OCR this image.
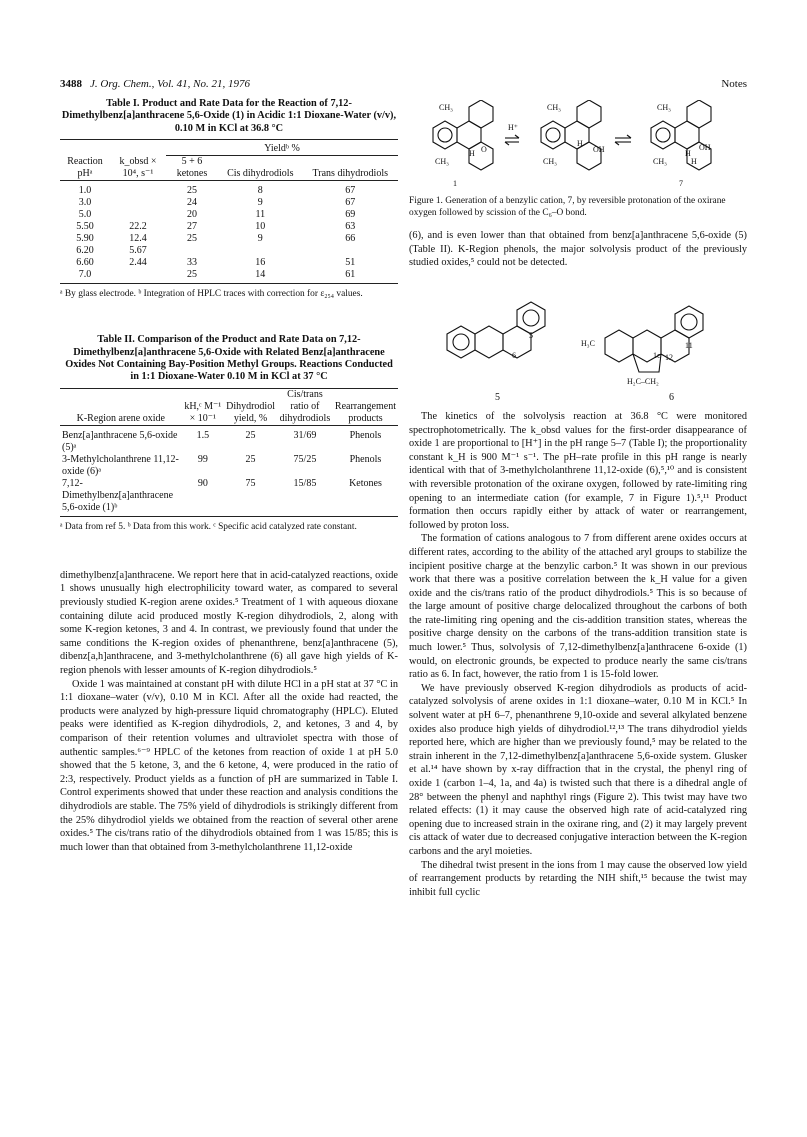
3488 J. Org. Chem., Vol. 41, No. 21, 1976	Notes
Table I. Product and Rate Data for the Reaction of 7,12-Dimethylbenz[a]anthracene 5,6-Oxide (1) in Acidic 1:1 Dioxane-Water (v/v), 0.10 M in KCl at 36.8 °C
		Yieldᵇ %		
Reaction pHᵃ	k_obsd × 10⁴, s⁻¹	5 + 6 ketones	Cis dihydrodiols	Trans dihydrodiols
1.0		25	8	67
3.0		24	9	67
5.0		20	11	69
5.50	22.2	27	10	63
5.90	12.4	25	9	66
6.20	5.67			
6.60	2.44	33	16	51
7.0		25	14	61
ᵃ By glass electrode. ᵇ Integration of HPLC traces with correction for ε₂₅₄ values.
Table II. Comparison of the Product and Rate Data on 7,12-Dimethylbenz[a]anthracene 5,6-Oxide with Related Benz[a]anthracene Oxides Not Containing Bay-Position Methyl Groups. Reactions Conducted in 1:1 Dioxane-Water 0.10 M in KCl at 37 °C
K-Region arene oxide	kH,ᶜ M⁻¹ × 10⁻¹	Dihydrodiol yield, %	Cis/trans ratio of dihydrodiols	Rearrangement products
Benz[a]anthracene 5,6-oxide (5)ᵃ	1.5	25	31/69	Phenols
3-Methylcholanthrene 11,12-oxide (6)ᵃ	99	25	75/25	Phenols
7,12-Dimethylbenz[a]anthracene 5,6-oxide (1)ᵇ	90	75	15/85	Ketones
ᵃ Data from ref 5. ᵇ Data from this work. ᶜ Specific acid catalyzed rate constant.

dimethylbenz[a]anthracene. We report here that in acid-catalyzed reactions, oxide 1 shows unusually high electrophilicity toward water, as compared to several previously studied K-region arene oxides.⁵ Treatment of 1 with aqueous dioxane containing dilute acid produced mostly K-region dihydrodiols, 2, along with some K-region ketones, 3 and 4. In contrast, we previously found that under the same conditions the K-region oxides of phenanthrene, benz[a]anthracene (5), dibenz[a,h]anthracene, and 3-methylcholanthrene (6) all gave high yields of K-region phenols with lesser amounts of K-region dihydrodiols.⁵

Oxide 1 was maintained at constant pH with dilute HCl in a pH stat at 37 °C in 1:1 dioxane–water (v/v), 0.10 M in KCl. After all the oxide had reacted, the products were analyzed by high-pressure liquid chromatography (HPLC). Eluted peaks were identified as K-region dihydrodiols, 2, and ketones, 3 and 4, by comparison of their retention volumes and ultraviolet spectra with those of authentic samples.⁶⁻⁹ HPLC of the ketones from reaction of oxide 1 at pH 5.0 showed that the 5 ketone, 3, and the 6 ketone, 4, were produced in the ratio of 2:3, respectively. Product yields as a function of pH are summarized in Table I. Control experiments showed that under these reaction and analysis conditions the dihydrodiols are stable. The 75% yield of dihydrodiols is strikingly different from the 25% dihydrodiol yields we obtained from the reaction of several other arene oxides.⁵ The cis/trans ratio of the dihydrodiols obtained from 1 was 15/85; this is much lower than that obtained from 3-methylcholanthrene 11,12-oxide

H⁺
CH₃
CH₃
H O
CH₃
CH₃
H
OH
CH₃
CH₃
H
OH
H
1	7
Figure 1. Generation of a benzylic cation, 7, by reversible protonation of the oxirane oxygen followed by scission of the C₆–O bond.

(6), and is even lower than that obtained from benz[a]anthracene 5,6-oxide (5) (Table II). K-Region phenols, the major solvolysis product of the previously studied oxides,⁵ could not be detected.

6
5
H₃C
H₂C–CH₂
12
11
1c
5	6

The kinetics of the solvolysis reaction at 36.8 °C were monitored spectrophotometrically. The k_obsd values for the first-order disappearance of oxide 1 are proportional to [H⁺] in the pH range 5–7 (Table I); the proportionality constant k_H is 900 M⁻¹ s⁻¹. The pH–rate profile in this pH range is nearly identical with that of 3-methylcholanthrene 11,12-oxide (6),⁵,¹⁰ and is consistent with reversible protonation of the oxirane oxygen, followed by rate-limiting ring opening to an intermediate cation (for example, 7 in Figure 1).⁵,¹¹ Product formation then occurs rapidly either by attack of water or rearrangement, followed by proton loss.

The formation of cations analogous to 7 from different arene oxides occurs at different rates, according to the ability of the attached aryl groups to stabilize the incipient positive charge at the benzylic carbon.⁵ It was shown in our previous work that there was a positive correlation between the k_H value for a given oxide and the cis/trans ratio of the product dihydrodiols.⁵ This is so because of the large amount of positive charge delocalized throughout the carbons of both the rate-limiting ring opening and the cis-addition transition states, whereas the positive charge density on the carbons of the trans-addition transition state is much lower.⁵ Thus, solvolysis of 7,12-dimethylbenz[a]anthracene 6-oxide (1) would, on electronic grounds, be expected to produce nearly the same cis/trans ratio as 6. In fact, however, the ratio from 1 is 15-fold lower.

We have previously observed K-region dihydrodiols as products of acid-catalyzed solvolysis of arene oxides in 1:1 dioxane–water, 0.10 M in KCl.⁵ In solvent water at pH 6–7, phenanthrene 9,10-oxide and several alkylated benzene oxides also produce high yields of dihydrodiol.¹²,¹³ The trans dihydrodiol yields reported here, which are higher than we previously found,⁵ may be related to the strain inherent in the 7,12-dimethylbenz[a]anthracene 5,6-oxide system. Glusker et al.¹⁴ have shown by x-ray diffraction that in the crystal, the phenyl ring of oxide 1 (carbon 1–4, 1a, and 4a) is twisted such that there is a dihedral angle of 28° between the phenyl and naphthyl rings (Figure 2). This twist may have two related effects: (1) it may cause the observed high rate of acid-catalyzed ring opening due to increased strain in the oxirane ring, and (2) it may largely prevent cis attack of water due to decreased conjugative interaction between the K-region carbons and the aryl moieties.

The dihedral twist present in the ions from 1 may cause the observed low yield of rearrangement products by retarding the NIH shift,¹⁵ because the twist may inhibit full cyclic
